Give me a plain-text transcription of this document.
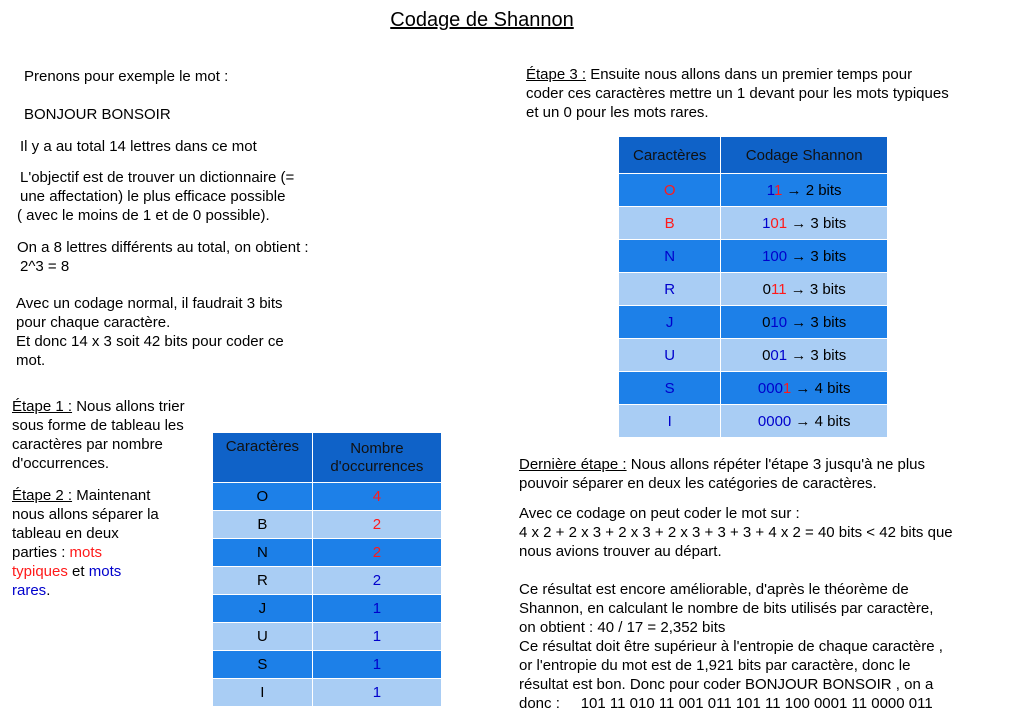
Codage de Shannon
Prenons pour exemple le mot :
BONJOUR BONSOIR
Il y a au total 14 lettres dans ce mot
L'objectif est de trouver un dictionnaire (=
une affectation) le plus efficace possible
( avec le moins de 1 et de 0 possible).
On a 8 lettres différents au total, on obtient :
2^3 = 8
Avec un codage normal, il faudrait 3 bits
pour chaque caractère.
Et donc 14 x 3 soit 42 bits pour coder ce
mot.
Étape 1 : Nous allons trier
sous forme de tableau les
caractères par nombre
d'occurrences.
Étape 2 : Maintenant
nous allons séparer la
tableau en deux
parties : mots
typiques et mots
rares.
Caractères	Nombre
d'occurrences
O	4
B	2
N	2
R	2
J	1
U	1
S	1
I	1
Étape 3 : Ensuite nous allons dans un premier temps pour
coder ces caractères mettre un 1 devant pour les mots typiques
et un 0 pour les mots rares.
Caractères	Codage Shannon
O	11 → 2 bits
B	101 → 3 bits
N	100 → 3 bits
R	011 → 3 bits
J	010 → 3 bits
U	001 → 3 bits
S	0001 → 4 bits
I	0000 → 4 bits
Dernière étape : Nous allons répéter l'étape 3 jusqu'à ne plus
pouvoir séparer en deux les catégories de caractères.
Avec ce codage on peut coder le mot sur :
4 x 2 + 2 x 3 + 2 x 3 + 2 x 3 + 3 + 3 + 4 x 2 = 40 bits < 42 bits que
nous avions trouver au départ.
Ce résultat est encore améliorable, d'après le théorème de
Shannon, en calculant le nombre de bits utilisés par caractère,
on obtient : 40 / 17 = 2,352 bits
Ce résultat doit être supérieur à l'entropie de chaque caractère ,
or l'entropie du mot est de 1,921 bits par caractère, donc le
résultat est bon. Donc pour coder BONJOUR BONSOIR , on a
donc :     101 11 010 11 001 011 101 11 100 0001 11 0000 011
